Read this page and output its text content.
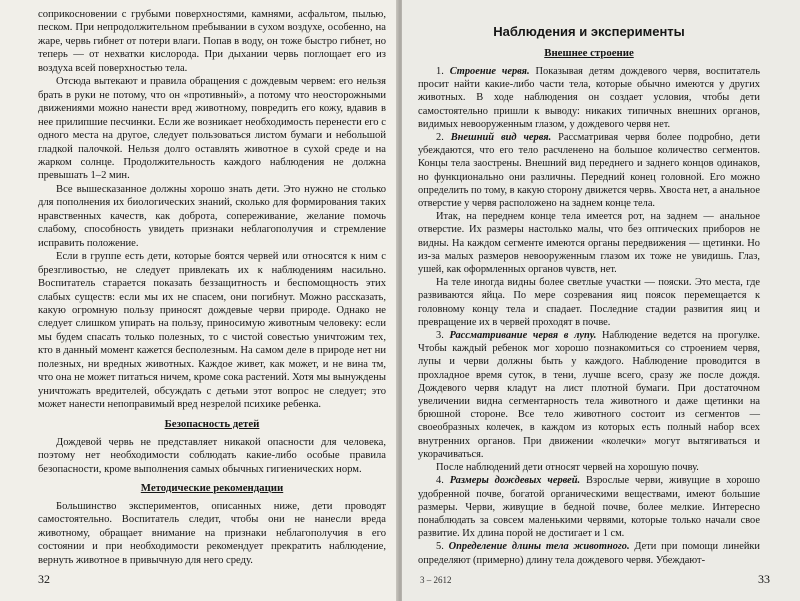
соприкосновении с грубыми поверхностями, камнями, асфальтом, пылью, песком. При непродолжительном пребывании в сухом воздухе, особенно, на жаре, червь гибнет от потери влаги. Попав в воду, он тоже быстро гибнет, но теперь — от нехватки кислорода. При дыхании червь поглощает его из воздуха всей поверхностью тела.

Отсюда вытекают и правила обращения с дождевым червем: его нельзя брать в руки не потому, что он «противный», а потому что неосторожными движениями можно нанести вред животному, повредить его кожу, вдавив в нее прилипшие песчинки. Если же возникает необходимость перенести его с одного места на другое, следует пользоваться листом бумаги и небольшой гладкой палочкой. Нельзя долго оставлять животное в сухой среде и на жарком солнце. Продолжительность каждого наблюдения не должна превышать 1–2 мин.

Все вышесказанное должны хорошо знать дети. Это нужно не столько для пополнения их биологических знаний, сколько для формирования таких нравственных качеств, как доброта, сопереживание, желание помочь слабому, способность увидеть признаки неблагополучия и стремление исправить положение.

Если в группе есть дети, которые боятся червей или относятся к ним с брезгливостью, не следует привлекать их к наблюдениям насильно. Воспитатель старается показать беззащитность и беспомощность этих слабых существ: если мы их не спасем, они погибнут. Можно рассказать, какую огромную пользу приносят дождевые черви природе. Однако не следует слишком упирать на пользу, приносимую животным человеку: если мы будем спасать только полезных, то с чистой совестью уничтожим тех, кто в данный момент кажется бесполезным. На самом деле в природе нет ни полезных, ни вредных животных. Каждое живет, как может, и не вина тм, что она не может питаться ничем, кроме сока растений. Хотя мы вынуждены уничтожать вредителей, обсуждать с детьми этот вопрос не следует; это может нанести непоправимый вред незрелой психике ребенка.

Безопасность детей

Дождевой червь не представляет никакой опасности для человека, поэтому нет необходимости соблюдать какие-либо особые правила безопасности, кроме выполнения самых обычных гигиенических норм.

Методические рекомендации

Большинство экспериментов, описанных ниже, дети проводят самостоятельно. Воспитатель следит, чтобы они не нанесли вреда животному, обращает внимание на признаки неблагополучия в его состоянии и при необходимости рекомендует прекратить наблюдение, вернуть животное в привычную для него среду.

32
Наблюдения и эксперименты
Внешнее строение

1. Строение червя. Показывая детям дождевого червя, воспитатель просит найти какие-либо части тела, которые обычно имеются у других животных. В ходе наблюдения он создает условия, чтобы дети самостоятельно пришли к выводу: никаких типичных внешних органов, видимых невооруженным глазом, у дождевого червя нет.

2. Внешний вид червя. Рассматривая червя более подробно, дети убеждаются, что его тело расчленено на большое количество сегментов. Концы тела заострены. Внешний вид переднего и заднего концов одинаков, но функционально они различны. Передний конец головной. Его можно определить по тому, в какую сторону движется червь. Хвоста нет, а анальное отверстие у червя расположено на заднем конце тела.

Итак, на переднем конце тела имеется рот, на заднем — анальное отверстие. Их размеры настолько малы, что без оптических приборов не видны. На каждом сегменте имеются органы передвижения — щетинки. Но из-за малых размеров невооруженным глазом их тоже не увидишь. Глаз, ушей, как оформленных органов чувств, нет.

На теле иногда видны более светлые участки — пояски. Это места, где развиваются яйца. По мере созревания яиц поясок перемещается к головному концу тела и спадает. Последние стадии развития яиц и превращение их в червей проходят в почве.

3. Рассматривание червя в лупу. Наблюдение ведется на прогулке. Чтобы каждый ребенок мог хорошо познакомиться со строением червя, лупы и черви должны быть у каждого. Наблюдение проводится в прохладное время суток, в тени, лучше всего, сразу же после дождя. Дождевого червя кладут на лист плотной бумаги. При достаточном увеличении видна сегментарность тела животного и даже щетинки на брюшной стороне. Все тело животного состоит из сегментов — своеобразных колечек, в каждом из которых есть полный набор всех внутренних органов. При движении «колечки» могут вытягиваться и укорачиваться.

После наблюдений дети относят червей на хорошую почву.

4. Размеры дождевых червей. Взрослые черви, живущие в хорошо удобренной почве, богатой органическими веществами, имеют большие размеры. Черви, живущие в бедной почве, более мелкие. Интересно понаблюдать за совсем маленькими червями, которые только начали свое развитие. Их длина порой не достигает и 1 см.

5. Определение длины тела животного. Дети при помощи линейки определяют (примерно) длину тела дождевого червя. Убеждают-

3 – 2612	33
